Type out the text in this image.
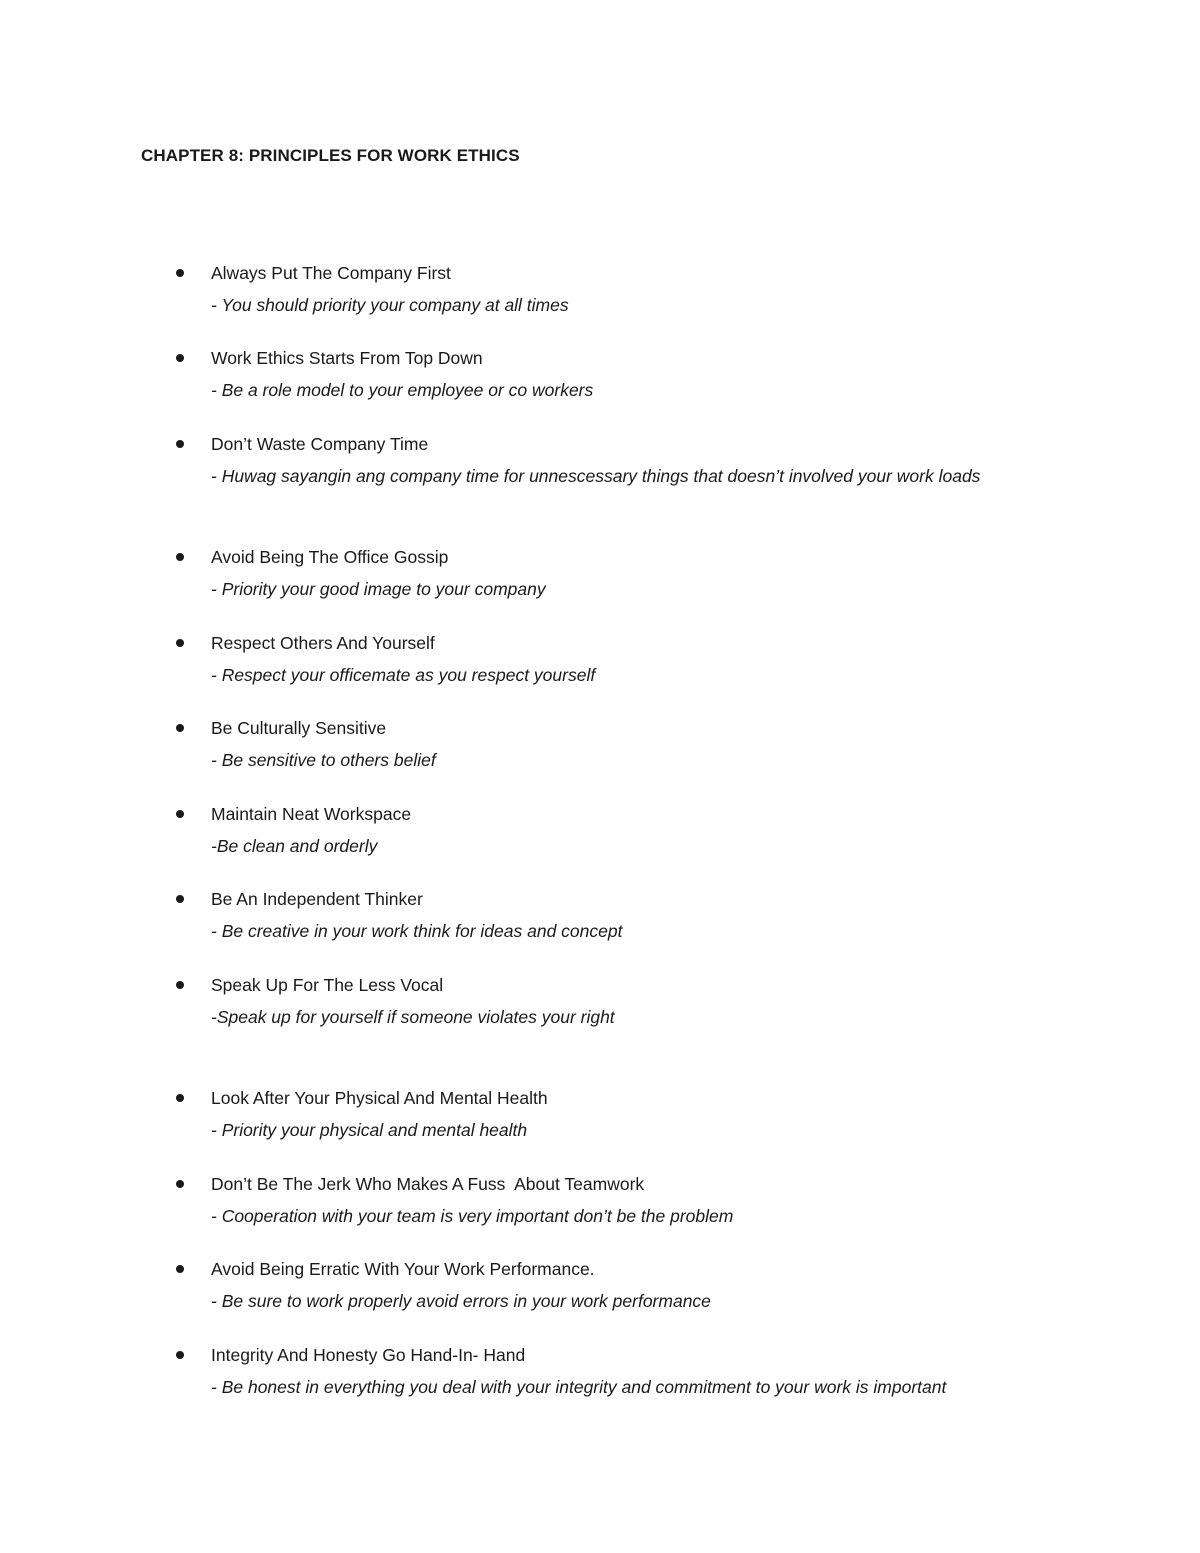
CHAPTER 8: PRINCIPLES FOR WORK ETHICS
Always Put The Company First
- You should priority your company at all times
Work Ethics Starts From Top Down
- Be a role model to your employee or co workers
Don’t Waste Company Time
- Huwag sayangin ang company time for unnescessary things that doesn’t involved your work loads
Avoid Being The Office Gossip
- Priority your good image to your company
Respect Others And Yourself
- Respect your officemate as you respect yourself
Be Culturally Sensitive
- Be sensitive to others belief
Maintain Neat Workspace
-Be clean and orderly
Be An Independent Thinker
- Be creative in your work think for ideas and concept
Speak Up For The Less Vocal
-Speak up for yourself if someone violates your right
Look After Your Physical And Mental Health
- Priority your physical and mental health
Don’t Be The Jerk Who Makes A Fuss  About Teamwork
- Cooperation with your team is very important don’t be the problem
Avoid Being Erratic With Your Work Performance.
- Be sure to work properly avoid errors in your work performance
Integrity And Honesty Go Hand-In- Hand
- Be honest in everything you deal with your integrity and commitment to your work is important
